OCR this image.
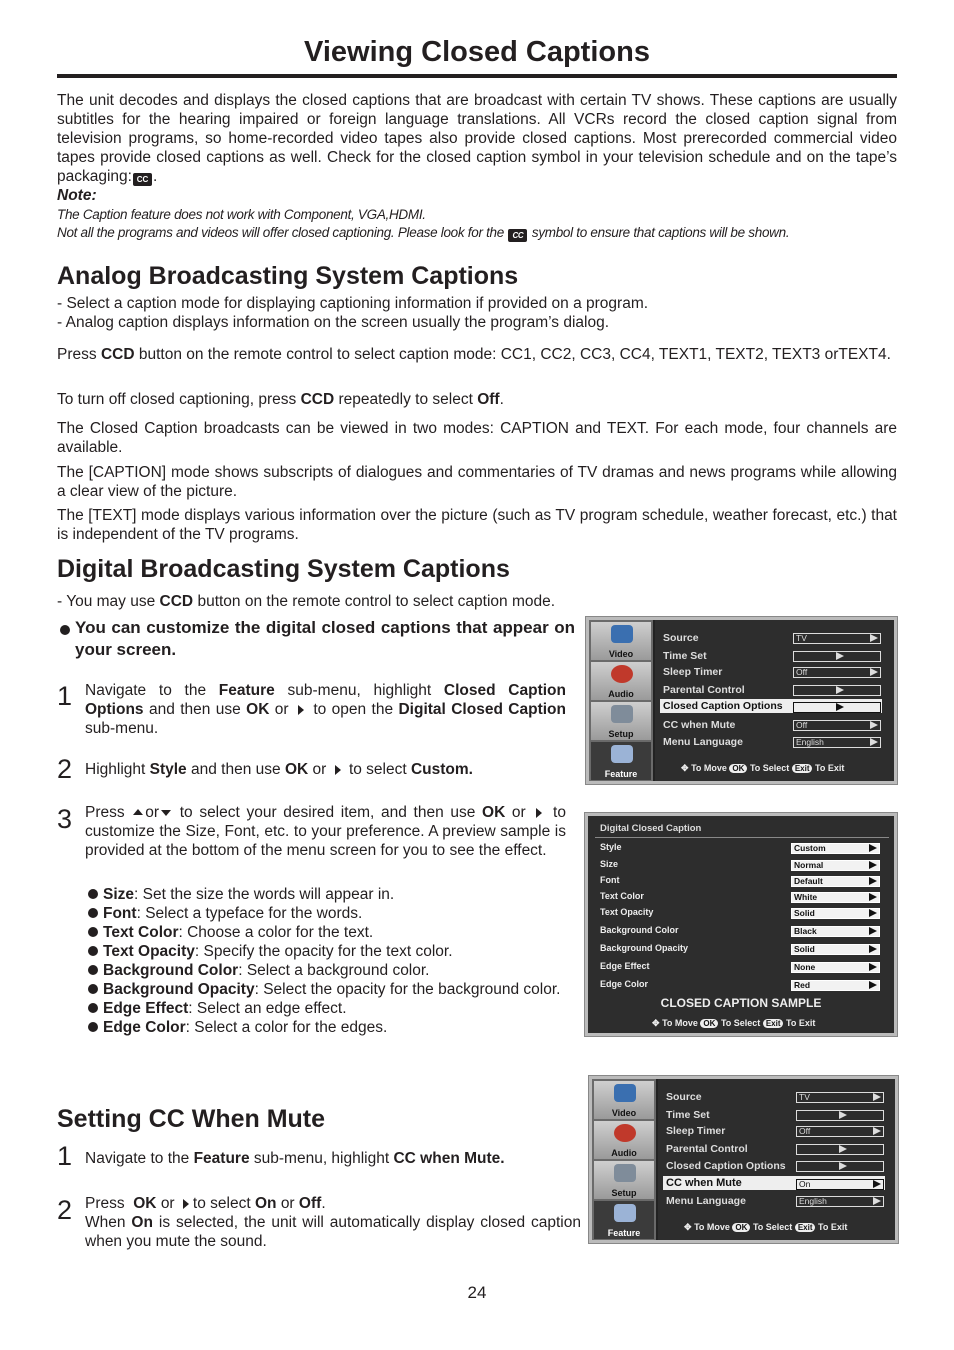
Viewing Closed Captions
The unit decodes and displays the closed captions that are broadcast with certain TV shows. These captions are usually subtitles for the hearing impaired or foreign language translations. All VCRs record the closed caption signal from television programs, so home-recorded video tapes also provide closed captions. Most prerecorded commercial video tapes provide closed captions as well. Check for the closed caption symbol in your television schedule and on the tape’s packaging: CC .
Note:
The Caption feature does not work with Component, VGA,HDMI.
Not all the programs and videos will offer closed captioning. Please look for the CC symbol to ensure that captions will be shown.
Analog Broadcasting System Captions
- Select a caption mode for displaying captioning information if provided on a program.
- Analog caption displays information on the screen usually the program’s dialog.
Press CCD button on the remote control to select caption mode: CC1, CC2, CC3, CC4, TEXT1, TEXT2, TEXT3 orTEXT4.
To turn off closed captioning, press CCD repeatedly to select Off.
The Closed Caption broadcasts can be viewed in two modes: CAPTION and TEXT. For each mode, four channels are available.
The [CAPTION] mode shows subscripts of dialogues and commentaries of TV dramas and news programs while allowing a clear view of the picture.
The [TEXT] mode displays various information over the picture (such as TV program schedule, weather forecast, etc.) that is independent of the TV programs.
Digital Broadcasting System Captions
- You may use CCD button on the remote control to select caption mode.
You can customize the digital closed captions that appear on your screen.
1 Navigate to the Feature sub-menu, highlight Closed Caption Options and then use OK or  to open the Digital Closed Caption sub-menu.
2 Highlight Style and then use OK or to select Custom.
3 Press or to select your desired item, and then use OK or to customize the Size, Font, etc. to your preference. A preview sample is provided at the bottom of the menu screen for you to see the effect.
Size: Set the size the words will appear in.
Font: Select a typeface for the words.
Text Color: Choose a color for the text.
Text Opacity: Specify the opacity for the text color.
Background Color: Select a background color.
Background Opacity: Select the opacity for the background color.
Edge Effect: Select an edge effect.
Edge Color: Select a color for the edges.
Video
Audio
Setup
Feature
Source	TV
Time Set
Sleep Timer	Off
Parental Control
Closed Caption Options
CC when Mute	Off
Menu Language	English
✥ To Move OK To Select Exit To Exit
Digital Closed Caption
Style	Custom
Size	Normal
Font	Default
Text Color	White
Text Opacity	Solid
Background Color	Black
Background Opacity	Solid
Edge Effect	None
Edge Color	Red
CLOSED CAPTION SAMPLE
✥ To Move OK To Select Exit To Exit
Setting CC When Mute
1 Navigate to the Feature sub-menu, highlight CC when Mute.
2 Press OK or to select On or Off.
When On is selected, the unit will automatically display closed caption when you mute the sound.
Video
Audio
Setup
Feature
Source	TV
Time Set
Sleep Timer	Off
Parental Control
Closed Caption Options
CC when Mute	On
Menu Language	English
✥ To Move OK To Select Exit To Exit
24
